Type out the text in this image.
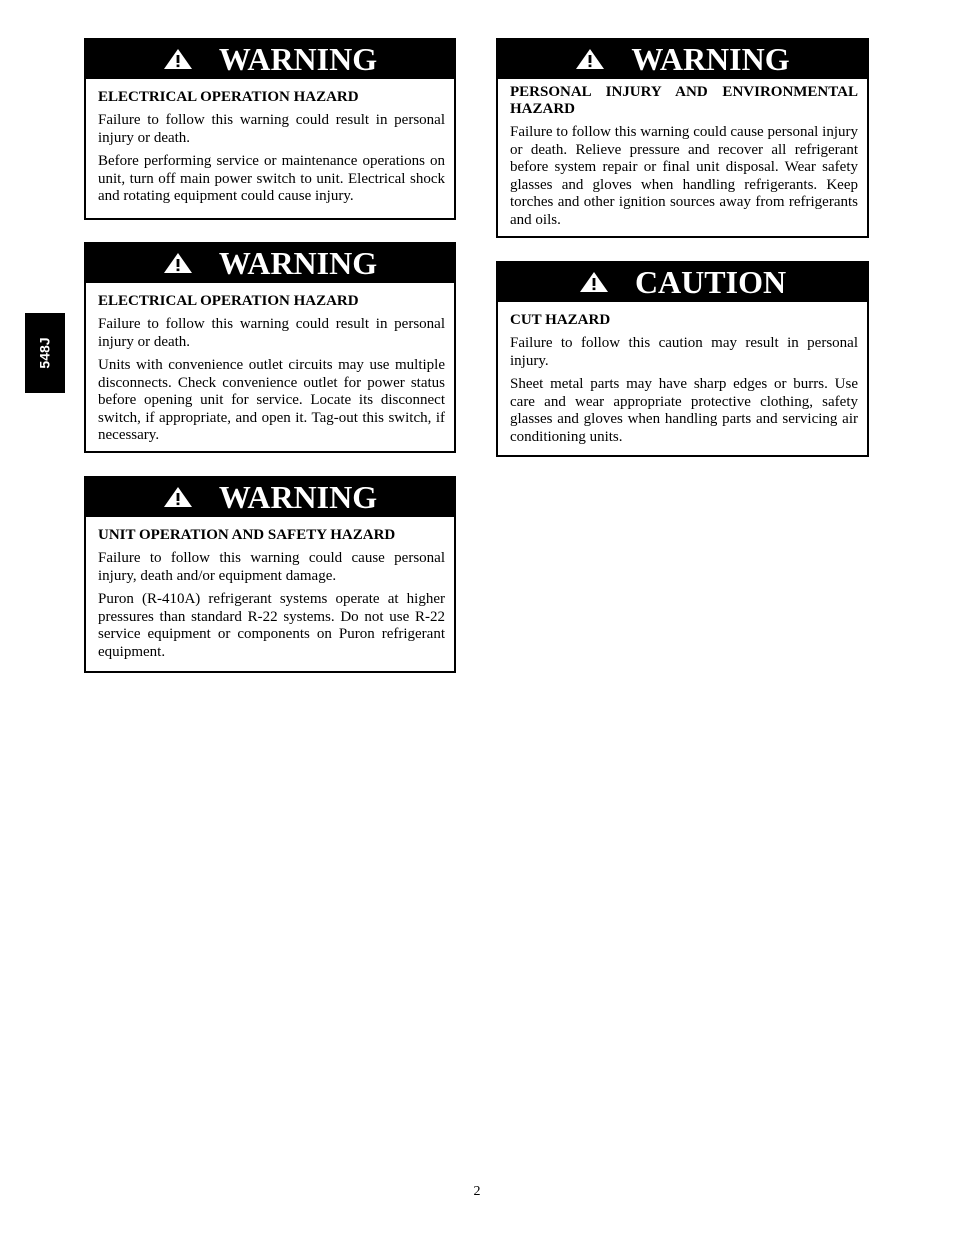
548J
WARNING

ELECTRICAL OPERATION HAZARD

Failure to follow this warning could result in personal injury or death.

Before performing service or maintenance operations on unit, turn off main power switch to unit. Electrical shock and rotating equipment could cause injury.

WARNING

ELECTRICAL OPERATION HAZARD

Failure to follow this warning could result in personal injury or death.

Units with convenience outlet circuits may use multiple disconnects. Check convenience outlet for power status before opening unit for service. Locate its disconnect switch, if appropriate, and open it. Tag-out this switch, if necessary.

WARNING

UNIT OPERATION AND SAFETY HAZARD

Failure to follow this warning could cause personal injury, death and/or equipment damage.

Puron (R-410A) refrigerant systems operate at higher pressures than standard R-22 systems. Do not use R-22 service equipment or components on Puron refrigerant equipment.

WARNING

PERSONAL INJURY AND ENVIRONMENTAL HAZARD

Failure to follow this warning could cause personal injury or death. Relieve pressure and recover all refrigerant before system repair or final unit disposal. Wear safety glasses and gloves when handling refrigerants. Keep torches and other ignition sources away from refrigerants and oils.

CAUTION

CUT HAZARD

Failure to follow this caution may result in personal injury.

Sheet metal parts may have sharp edges or burrs. Use care and wear appropriate protective clothing, safety glasses and gloves when handling parts and servicing air conditioning units.

2
